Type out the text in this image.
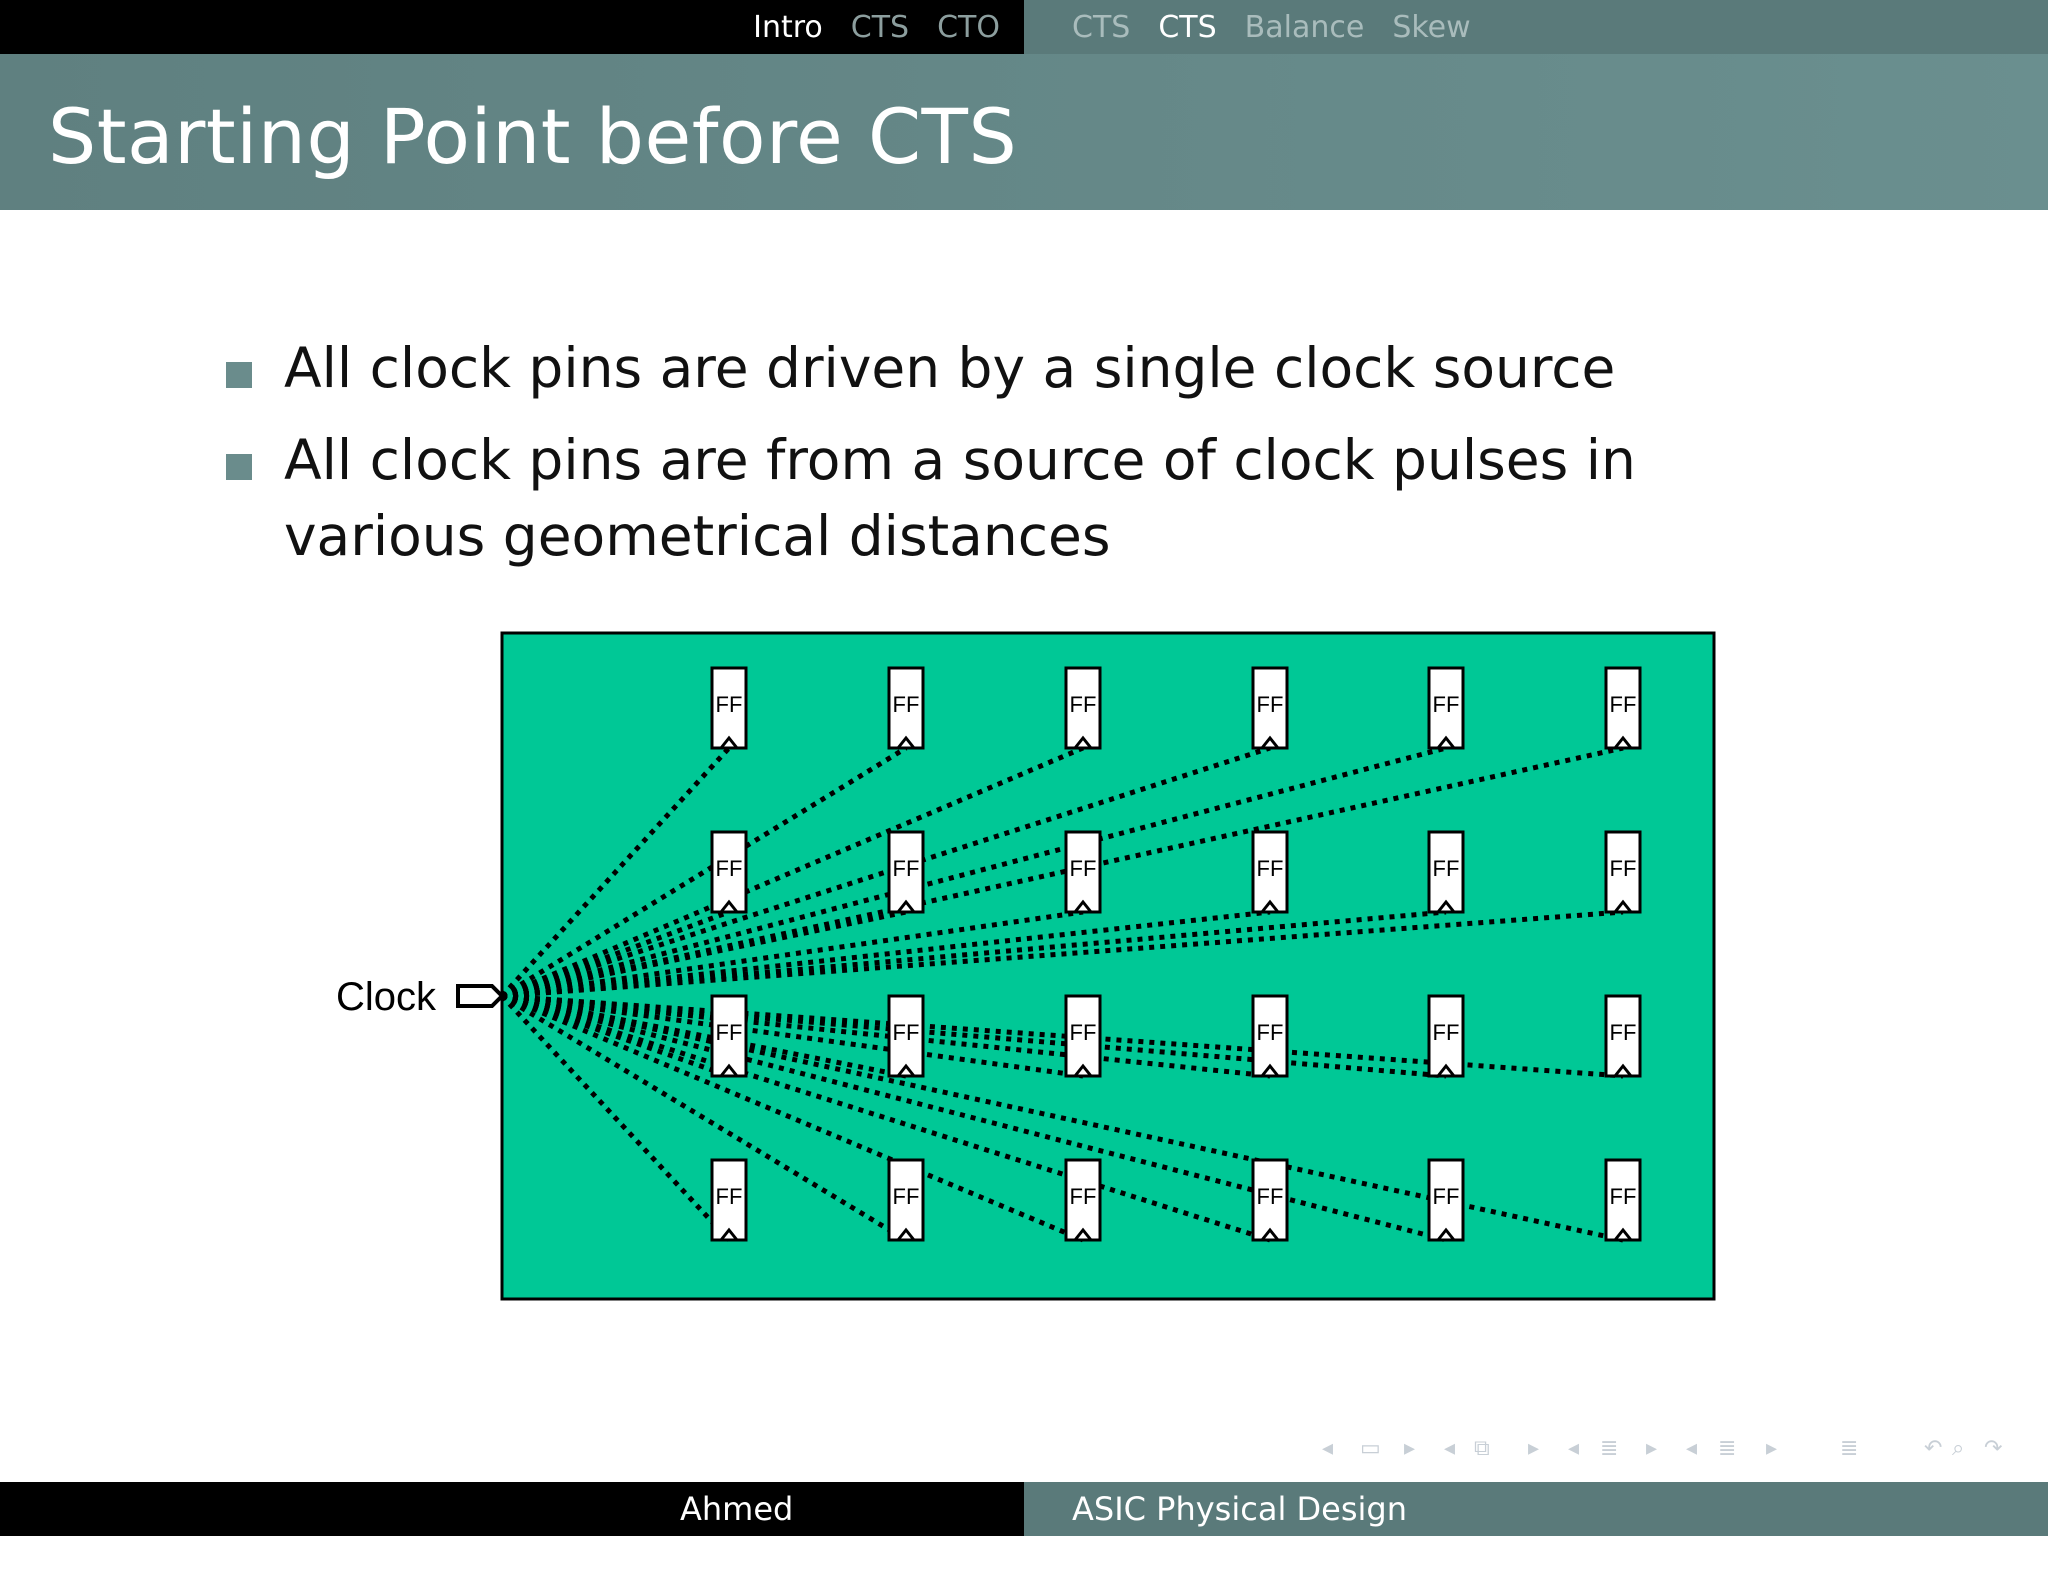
Intro CTS CTO CTS CTS Balance Skew
Starting Point before CTS
All clock pins are driven by a single clock source
All clock pins are from a source of clock pulses in various geometrical distances
FF	FF	FF	FF	FF	FF
FF	FF	FF	FF	FF	FF
FF	FF	FF	FF	FF	FF
FF	FF	FF	FF	FF	FF
Clock
◂ ▭ ▸ ◂ ⧉ ▸ ◂ ≣ ▸ ◂ ≣ ▸	≣	↶ ⌕ ↷
Ahmed Abdelazeem
ASIC Physical Design
